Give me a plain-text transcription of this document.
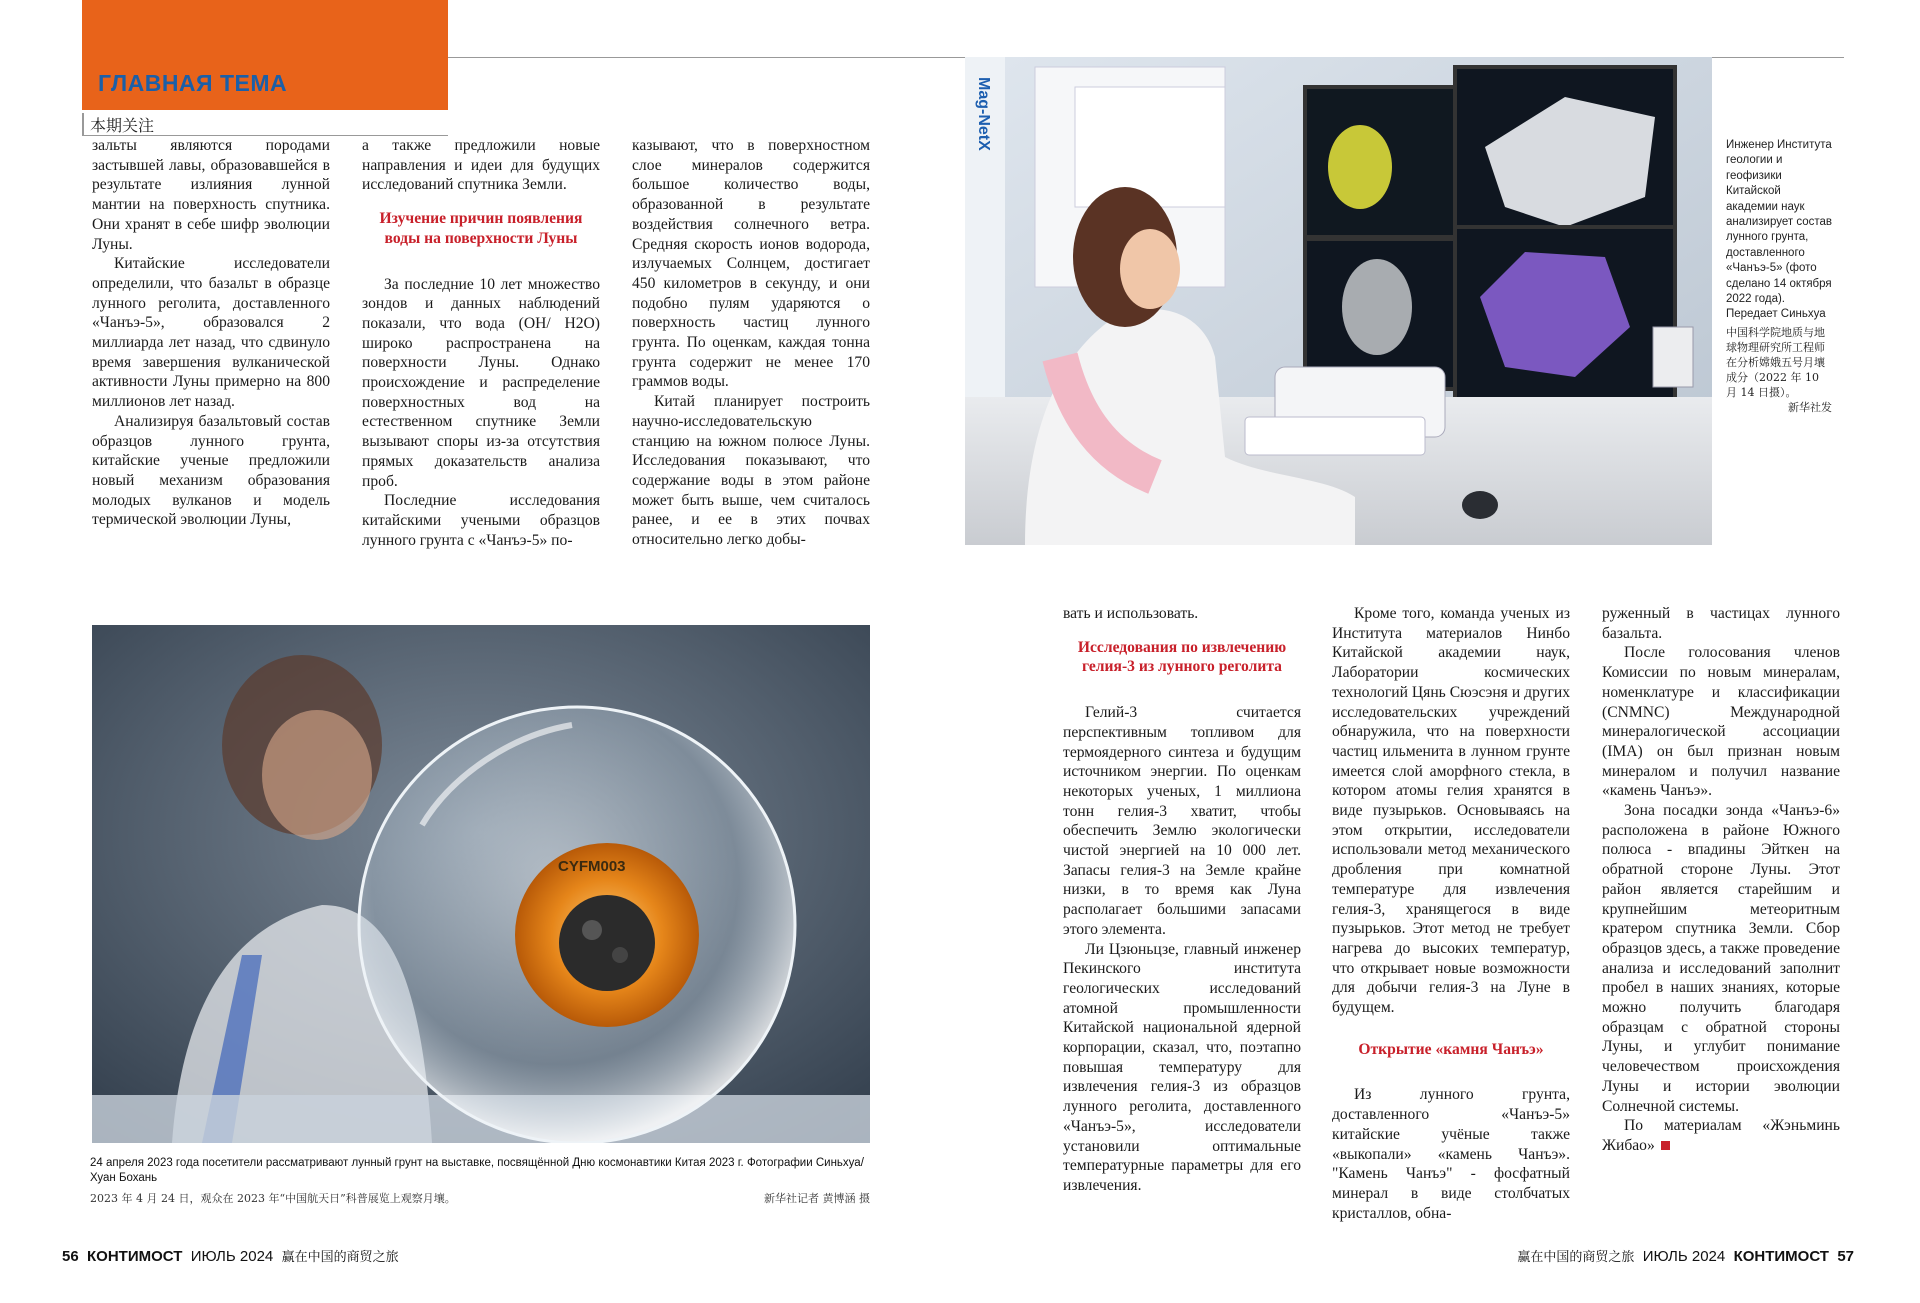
ГЛАВНАЯ ТЕМА
本期关注

зальты являются породами застывшей лавы, образовавшейся в результате излияния лунной мантии на поверхность спутника. Они хранят в себе шифр эволюции Луны.

Китайские исследователи определили, что базальт в образце лунного реголита, доставленного «Чанъэ-5», образовался 2 миллиарда лет назад, что сдвинуло время завершения вулканической активности Луны примерно на 800 миллионов лет назад.

Анализируя базальтовый состав образцов лунного грунта, китайские ученые предложили новый механизм образования молодых вулканов и модель термической эволюции Луны,

а также предложили новые направления и идеи для будущих исследований спутника Земли.

Изучение причин появления воды на поверхности Луны

За последние 10 лет множество зондов и данных наблюдений показали, что вода (OH/ H2O) широко распространена на поверхности Луны. Однако происхождение и распределение поверхностных вод на естественном спутнике Земли вызывают споры из-за отсутствия прямых доказательств анализа проб.

Последние исследования китайскими учеными образцов лунного грунта с «Чанъэ-5» по-

казывают, что в поверхностном слое минералов содержится большое количество воды, образованной в результате воздействия солнечного ветра. Средняя скорость ионов водорода, излучаемых Солнцем, достигает 450 километров в секунду, и они подобно пулям ударяются о поверхность частиц лунного грунта. По оценкам, каждая тонна грунта содержит не менее 170 граммов воды.

Китай планирует построить научно-исследовательскую станцию на южном полюсе Луны. Исследования показывают, что содержание воды в этом районе может быть выше, чем считалось ранее, и ее в этих почвах относительно легко добы-

Mag-NetX	Инженер Института геологии и геофизики Китайской академии наук анализирует состав лунного грунта, доставленного «Чанъэ-5» (фото сделано 14 октября 2022 года). Передает Синьхуа
中国科学院地质与地球物理研究所工程师在分析嫦娥五号月壤成分（2022 年 10 月 14 日摄）。
新华社发
CYFM003
24 апреля 2023 года посетители рассматривают лунный грунт на выставке, посвящённой Дню космонавтики Китая 2023 г. Фотографии Синьхуа/ Хуан Бохань
2023 年 4 月 24 日，观众在 2023 年“中国航天日”科普展览上观察月壤。	新华社记者 黄博涵 摄

вать и использовать.

Исследования по извлечению гелия-3 из лунного реголита

Гелий-3 считается перспективным топливом для термоядерного синтеза и будущим источником энергии. По оценкам некоторых ученых, 1 миллиона тонн гелия-3 хватит, чтобы обеспечить Землю экологически чистой энергией на 10 000 лет. Запасы гелия-3 на Земле крайне низки, в то время как Луна располагает большими запасами этого элемента.

Ли Цзюньцзе, главный инженер Пекинского института геологических исследований атомной промышленности Китайской национальной ядерной корпорации, сказал, что, поэтапно повышая температуру для извлечения гелия-3 из образцов лунного реголита, доставленного «Чанъэ-5», исследователи установили оптимальные температурные параметры для его извлечения.

Кроме того, команда ученых из Института материалов Нинбо Китайской академии наук, Лаборатории космических технологий Цянь Сюэсэня и других исследовательских учреждений обнаружила, что на поверхности частиц ильменита в лунном грунте имеется слой аморфного стекла, в котором атомы гелия хранятся в виде пузырьков. Основываясь на этом открытии, исследователи использовали метод механического дробления при комнатной температуре для извлечения гелия-3, хранящегося в виде пузырьков. Этот метод не требует нагрева до высоких температур, что открывает новые возможности для добычи гелия-3 на Луне в будущем.

Открытие «камня Чанъэ»

Из лунного грунта, доставленного «Чанъэ-5» китайские учёные также «выкопали» «камень Чанъэ». "Камень Чанъэ" - фосфатный минерал в виде столбчатых кристаллов, обна-

руженный в частицах лунного базальта.

После голосования членов Комиссии по новым минералам, номенклатуре и классификации (CNMNC) Международной минералогической ассоциации (IMA) он был признан новым минералом и получил название «камень Чанъэ».

Зона посадки зонда «Чанъэ-6» расположена в районе Южного полюса - впадины Эйткен на обратной стороне Луны. Этот район является старейшим и крупнейшим метеоритным кратером спутника Земли. Сбор образцов здесь, а также проведение анализа и исследований заполнит пробел в наших знаниях, которые можно получить благодаря образцам с обратной стороны Луны, и углубит понимание человечеством происхождения Луны и истории эволюции Солнечной системы.

По материалам «Жэньминь Жибао»

56 КОНТИМОСТ ИЮЛЬ 2024 赢在中国的商贸之旅	赢在中国的商贸之旅 ИЮЛЬ 2024 КОНТИМОСТ 57
